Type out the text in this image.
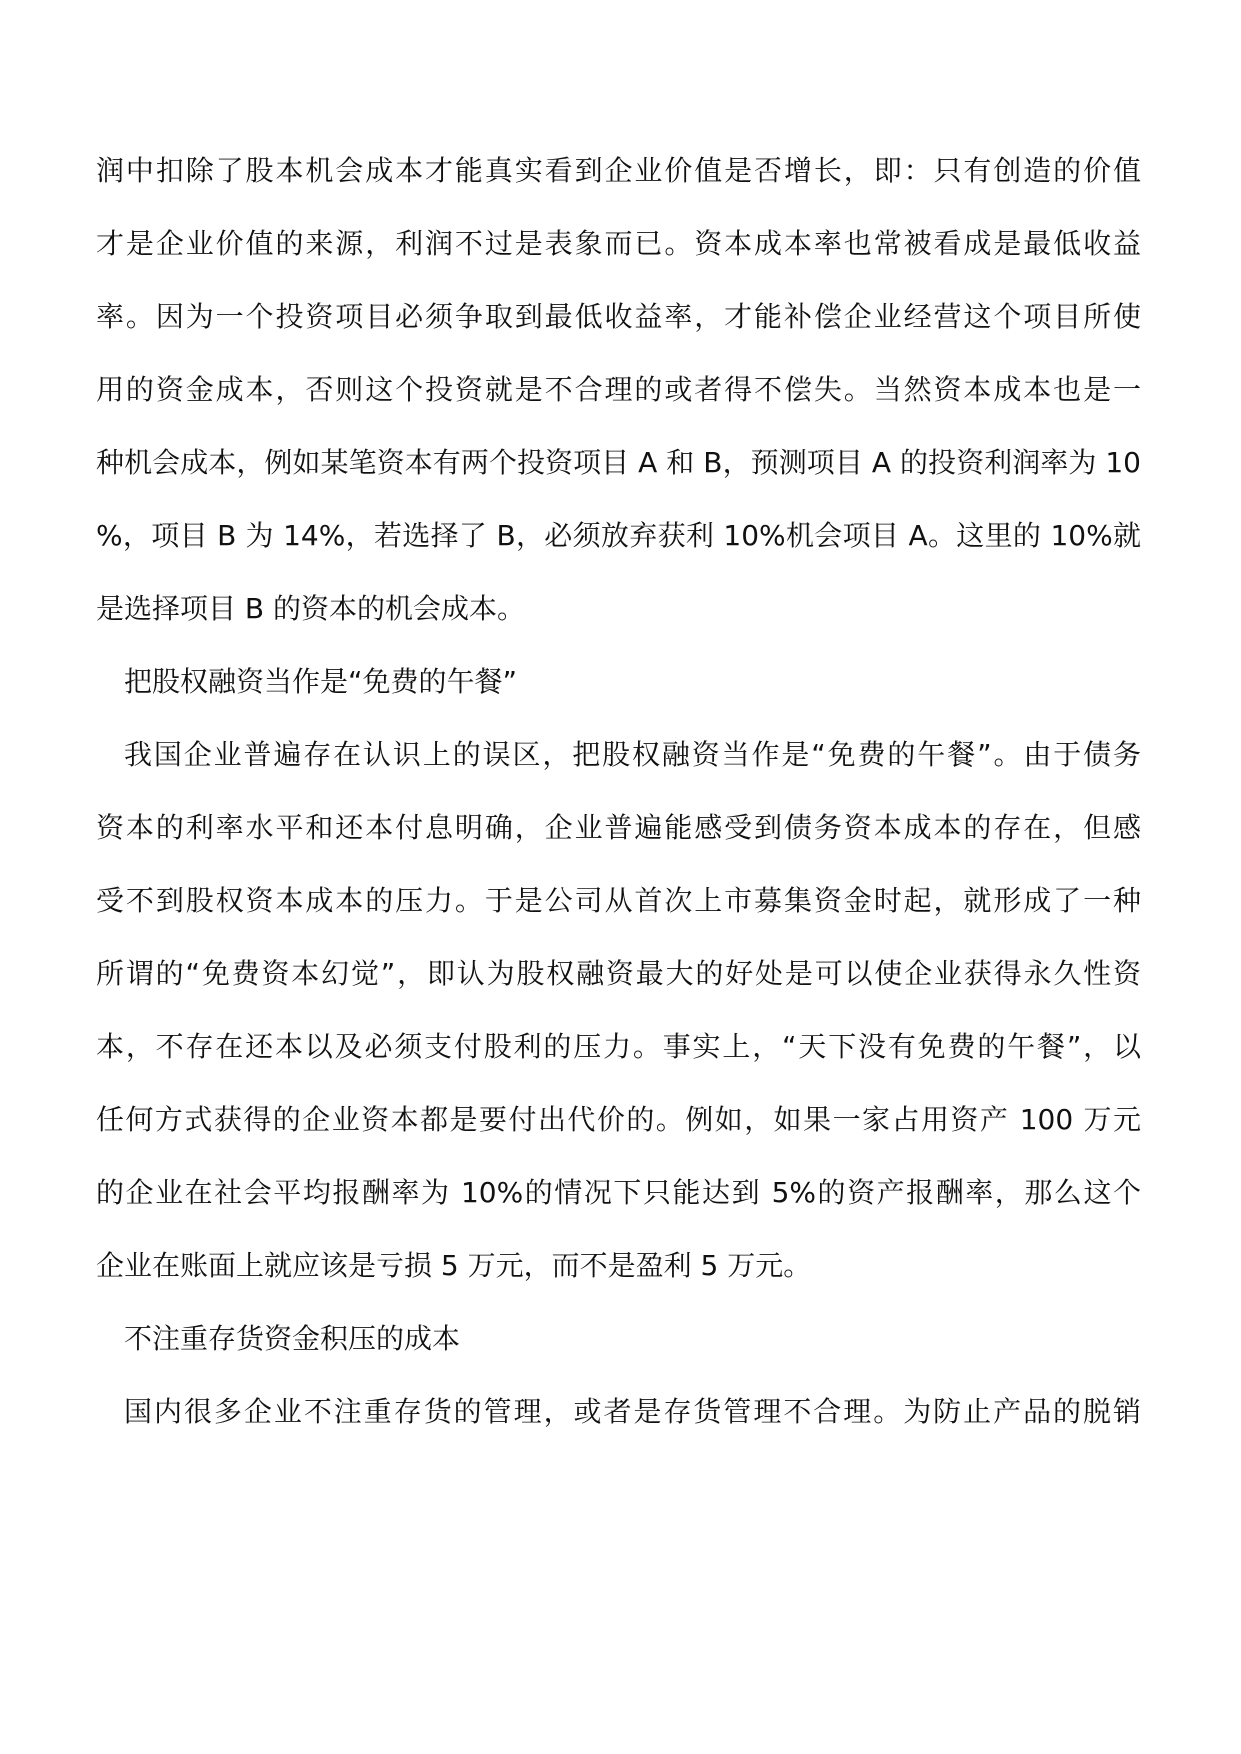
润中扣除了股本机会成本才能真实看到企业价值是否增长，即：只有创造的价值
才是企业价值的来源，利润不过是表象而已。资本成本率也常被看成是最低收益
率。因为一个投资项目必须争取到最低收益率，才能补偿企业经营这个项目所使
用的资金成本，否则这个投资就是不合理的或者得不偿失。当然资本成本也是一
种机会成本，例如某笔资本有两个投资项目 A 和 B，预测项目 A 的投资利润率为 10
%，项目 B 为 14%，若选择了 B，必须放弃获利 10%机会项目 A。这里的 10%就
是选择项目 B 的资本的机会成本。
把股权融资当作是“免费的午餐”
我国企业普遍存在认识上的误区，把股权融资当作是“免费的午餐”。由于债务
资本的利率水平和还本付息明确，企业普遍能感受到债务资本成本的存在，但感
受不到股权资本成本的压力。于是公司从首次上市募集资金时起，就形成了一种
所谓的“免费资本幻觉”，即认为股权融资最大的好处是可以使企业获得永久性资
本，不存在还本以及必须支付股利的压力。事实上，“天下没有免费的午餐”，以
任何方式获得的企业资本都是要付出代价的。例如，如果一家占用资产 100 万元
的企业在社会平均报酬率为 10%的情况下只能达到 5%的资产报酬率，那么这个
企业在账面上就应该是亏损 5 万元，而不是盈利 5 万元。
不注重存货资金积压的成本
国内很多企业不注重存货的管理，或者是存货管理不合理。为防止产品的脱销
